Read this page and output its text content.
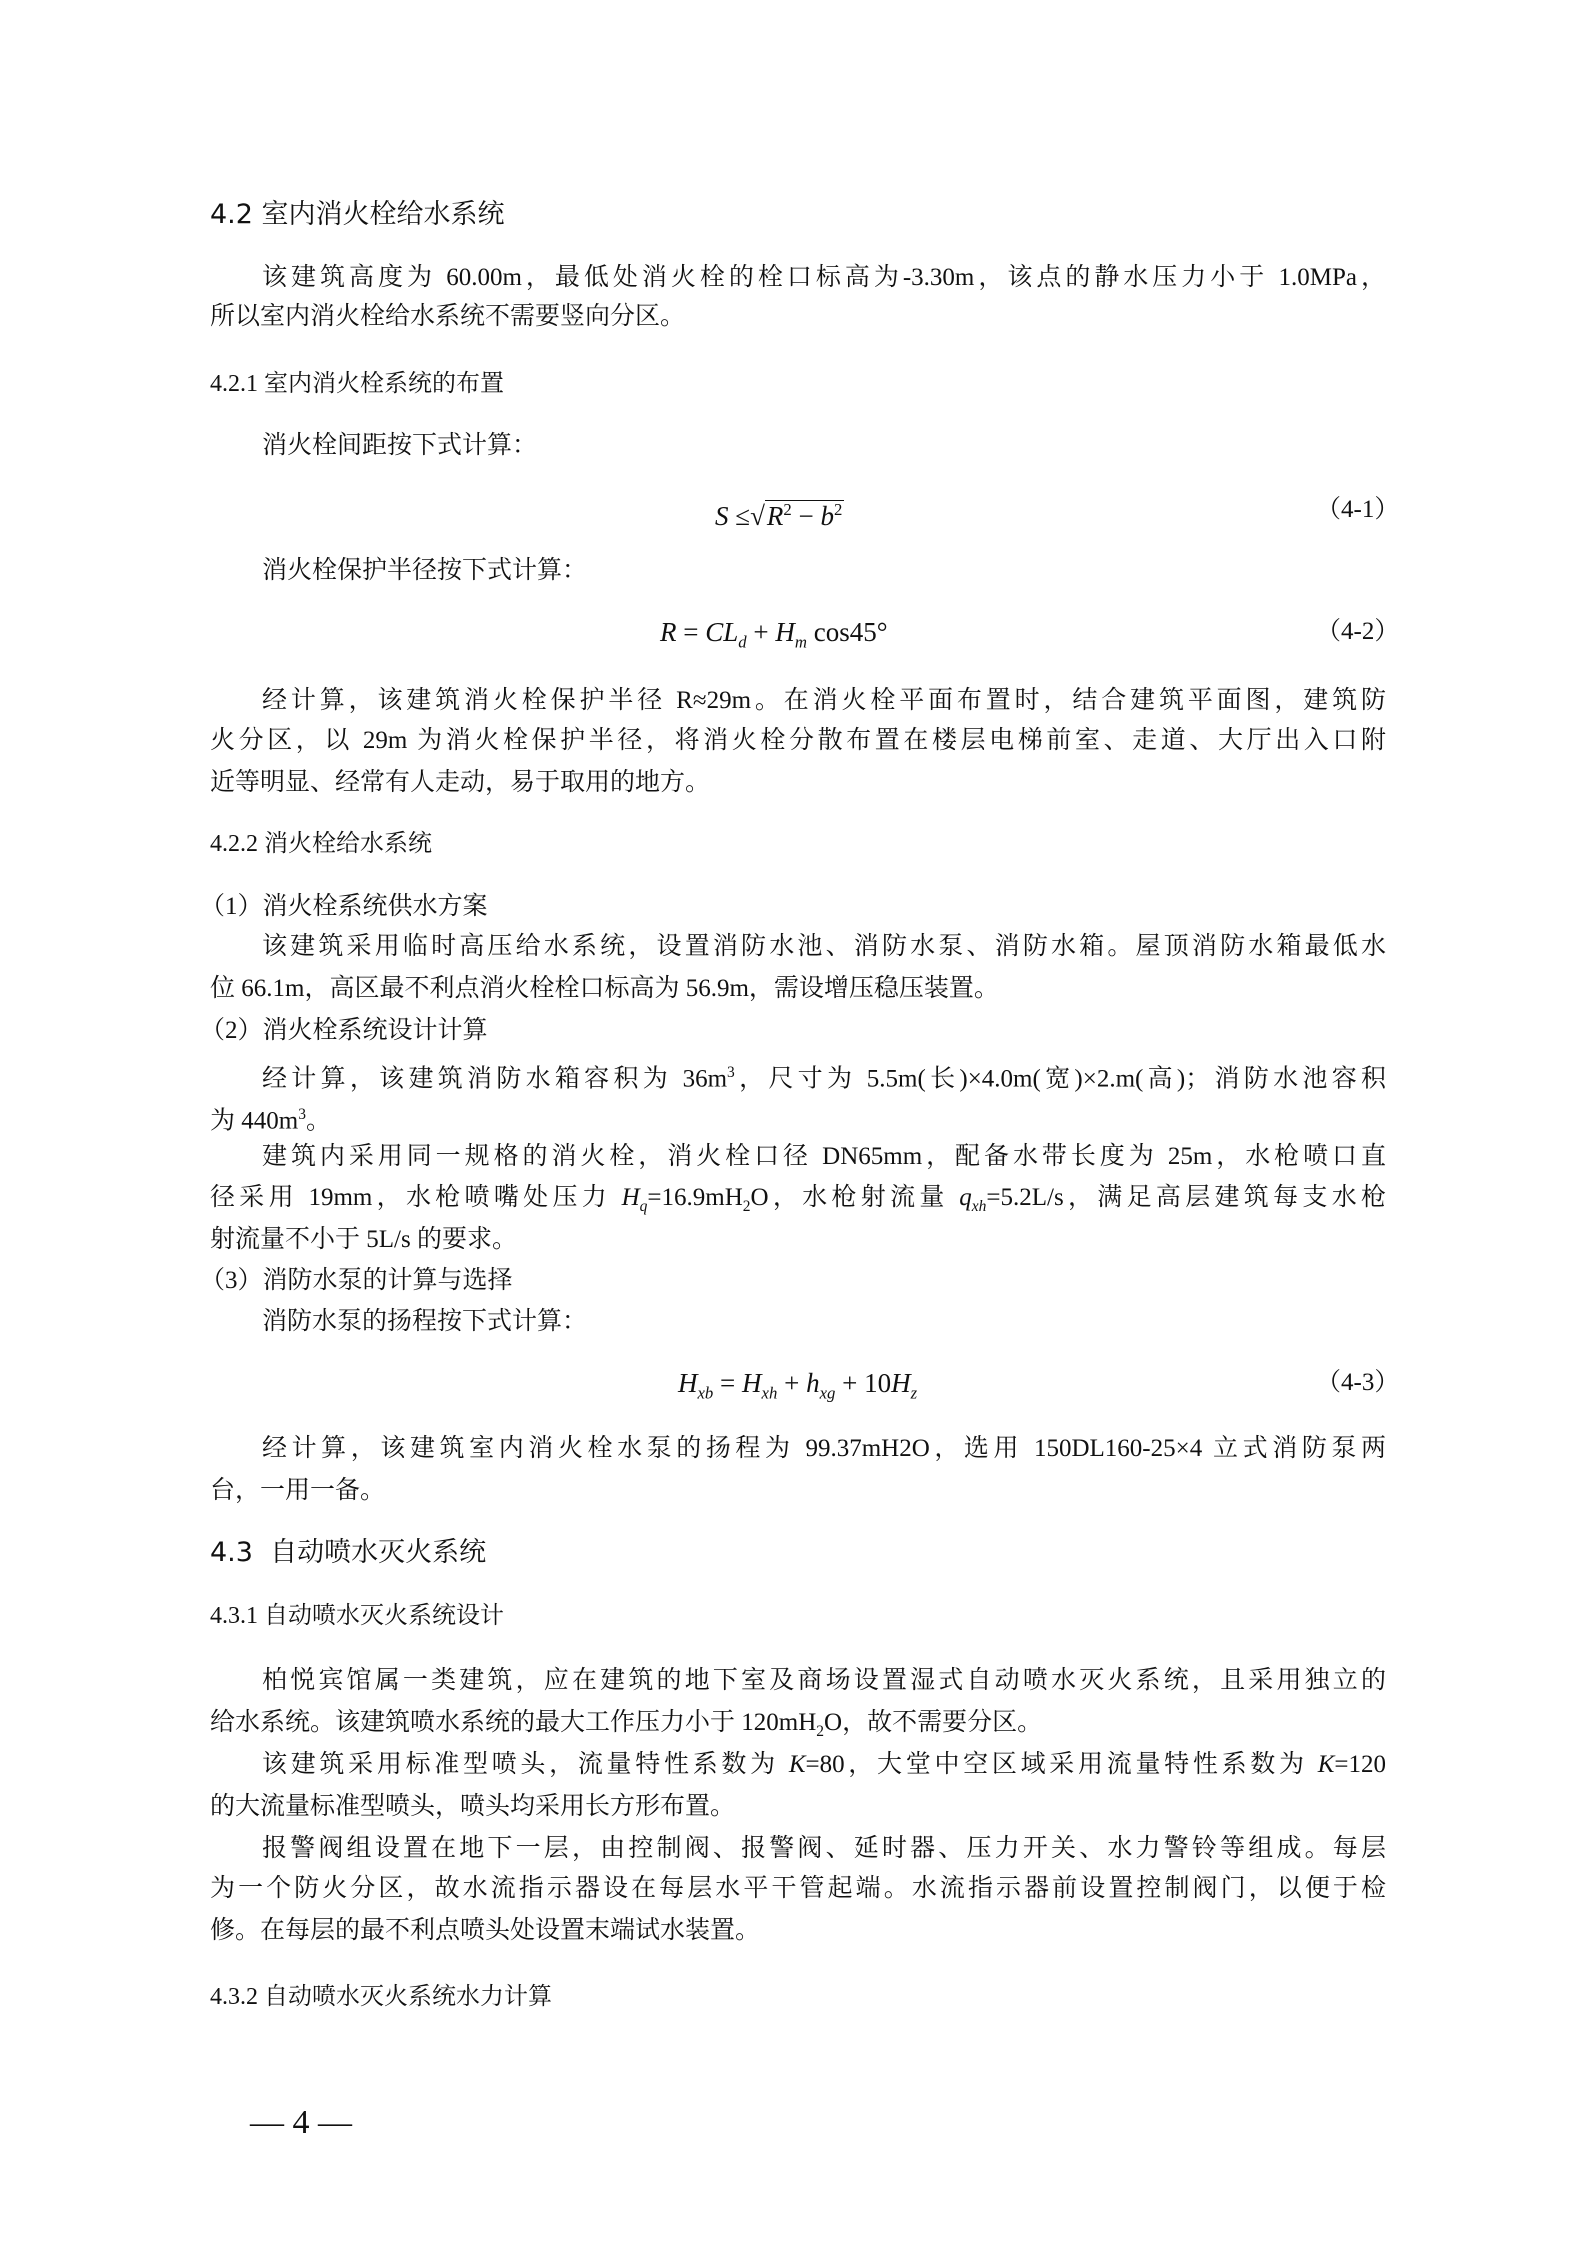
4.2 室内消火栓给水系统
该建筑高度为 60.00m，最低处消火栓的栓口标高为-3.30m，该点的静水压力小于 1.0MPa，
所以室内消火栓给水系统不需要竖向分区。
4.2.1 室内消火栓系统的布置
消火栓间距按下式计算：
$S \le√R^2 - b^2$	（4-1）
消火栓保护半径按下式计算：
$R = CL_d + H_m$ cos45°	（4-2）
经计算，该建筑消火栓保护半径 R≈29m。在消火栓平面布置时，结合建筑平面图，建筑防
火分区，以 29m 为消火栓保护半径，将消火栓分散布置在楼层电梯前室、走道、大厅出入口附
近等明显、经常有人走动，易于取用的地方。
4.2.2 消火栓给水系统
（1）消火栓系统供水方案
该建筑采用临时高压给水系统，设置消防水池、消防水泵、消防水箱。屋顶消防水箱最低水
位 66.1m，高区最不利点消火栓栓口标高为 56.9m，需设增压稳压装置。
（2）消火栓系统设计计算
经计算，该建筑消防水箱容积为 $36m^3$，尺寸为 5.5m(长)×4.0m(宽)×2.m(高)；消防水池容积
为 $440m^3$。
建筑内采用同一规格的消火栓，消火栓口径 DN65mm，配备水带长度为 25m，水枪喷口直
径采用 19mm，水枪喷嘴处压力 $H_q=16.9mH_2O$，水枪射流量 $q_{xh}=5.2L/s$，满足高层建筑每支水枪
射流量不小于 5L/s 的要求。
（3）消防水泵的计算与选择
消防水泵的扬程按下式计算：
$H_{xb} = H_{xh} + h_{xg} + 10H_z$	（4-3）
经计算，该建筑室内消火栓水泵的扬程为 99.37mH2O，选用 150DL160-25×4 立式消防泵两
台，一用一备。
4.3  自动喷水灭火系统
4.3.1 自动喷水灭火系统设计
柏悦宾馆属一类建筑，应在建筑的地下室及商场设置湿式自动喷水灭火系统，且采用独立的
给水系统。该建筑喷水系统的最大工作压力小于 $120mH_2O$，故不需要分区。
该建筑采用标准型喷头，流量特性系数为 K=80，大堂中空区域采用流量特性系数为 K=120
的大流量标准型喷头，喷头均采用长方形布置。
报警阀组设置在地下一层，由控制阀、报警阀、延时器、压力开关、水力警铃等组成。每层
为一个防火分区，故水流指示器设在每层水平干管起端。水流指示器前设置控制阀门，以便于检
修。在每层的最不利点喷头处设置末端试水装置。
4.3.2 自动喷水灭火系统水力计算
— 4 —
